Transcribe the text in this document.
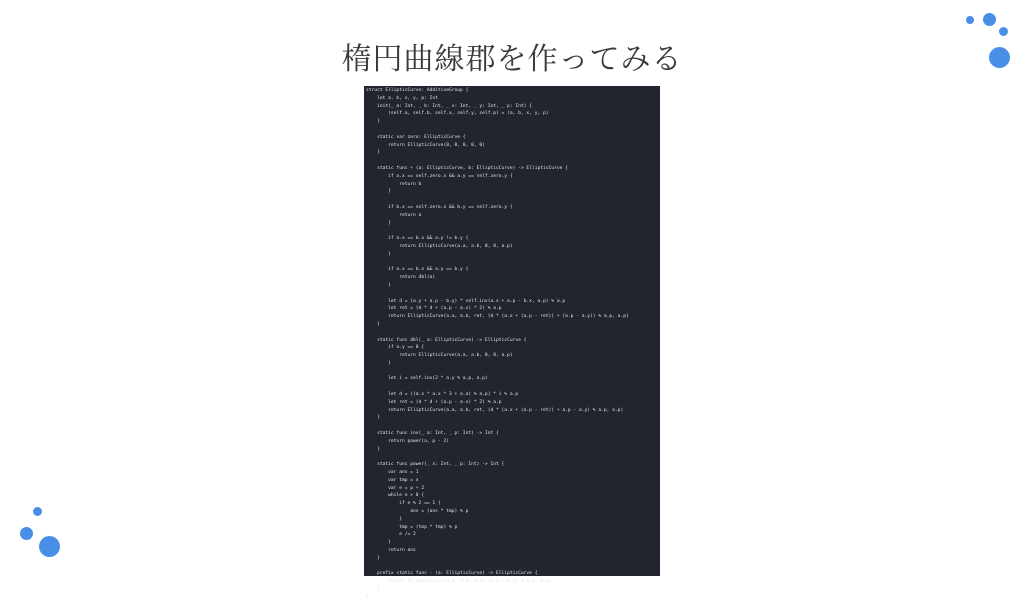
楕円曲線郡を作ってみる
struct EllipticCurve: AdditiveGroup {
let a, b, x, y, p: Int
init(_ a: Int, _ b: Int, _ x: Int, _ y: Int, _ p: Int) {
(self.a, self.b, self.x, self.y, self.p) = (a, b, x, y, p)
}
static var zero: EllipticCurve {
return EllipticCurve(0, 0, 0, 0, 0)
}
static func + (a: EllipticCurve, b: EllipticCurve) -> EllipticCurve {
if a.x == self.zero.x && a.y == self.zero.y {
return b
}
if b.x == self.zero.x && b.y == self.zero.y {
return a
}
if a.x == b.x && a.y != b.y {
return EllipticCurve(a.a, a.b, 0, 0, a.p)
}
if a.x == b.x && a.y == b.y {
return dbl(a)
}
let d = (a.y + a.p - b.y) * self.inv(a.x + a.p - b.x, a.p) % a.p
let ret = (d * d + (a.p - a.x) * 2) % a.p
return EllipticCurve(a.a, a.b, ret, (d * (a.x + (a.p - ret)) + (a.p - a.y)) % a.p, a.p)
}
static func dbl(_ a: EllipticCurve) -> EllipticCurve {
if a.y == 0 {
return EllipticCurve(a.a, a.b, 0, 0, a.p)
}
let i = self.inv(2 * a.y % a.p, a.p)
let d = ((a.x * a.x * 3 + a.a) % a.p) * i % a.p
let ret = (d * d + (a.p - a.x) * 2) % a.p
return EllipticCurve(a.a, a.b, ret, (d * (a.x + (a.p - ret)) + a.p - a.y) % a.p, a.p)
}
static func inv(_ a: Int, _ p: Int) -> Int {
return power(a, p - 2)
}
static func power(_ x: Int, _ p: Int) -> Int {
var ans = 1
var tmp = x
var e = p + 2
while e > 0 {
if e % 2 == 1 {
ans = (ans * tmp) % p
}
tmp = (tmp * tmp) % p
e /= 2
}
return ans
}
prefix static func - (a: EllipticCurve) -> EllipticCurve {
return EllipticCurve(a.a, a.b, a.x, (a.p - a.y) % a.p, a.p)
}
}
